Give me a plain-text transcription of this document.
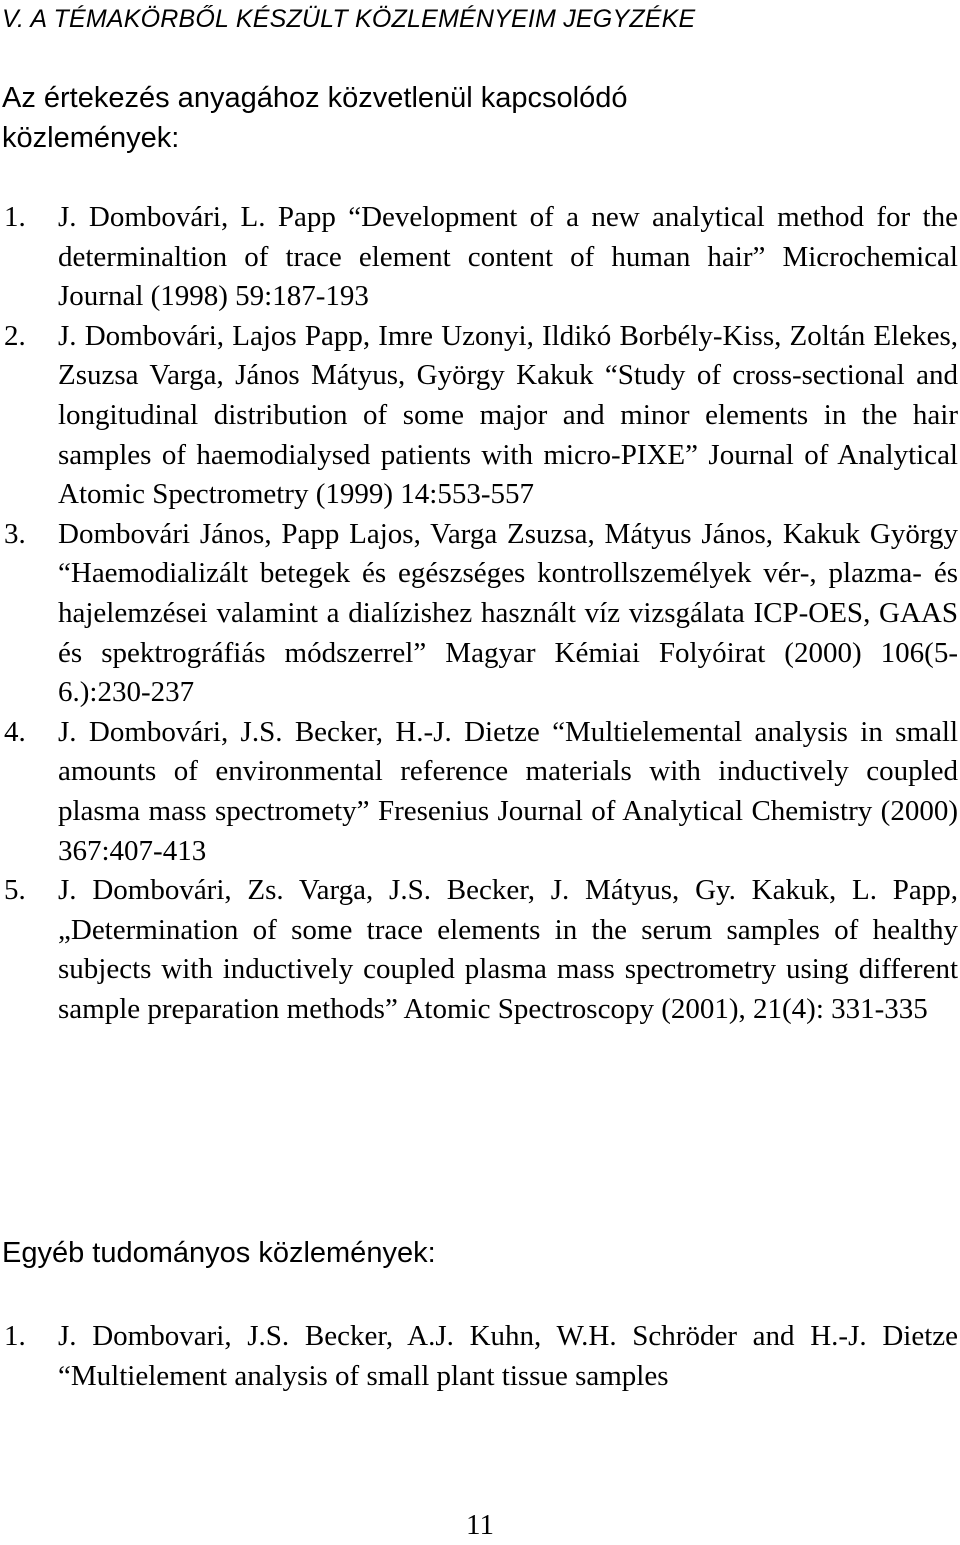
V. A TÉMAKÖRBŐL KÉSZÜLT KÖZLEMÉNYEIM JEGYZÉKE
Az értekezés anyagához közvetlenül kapcsolódó közlemények:
1. J. Dombovári, L. Papp “Development of a new analytical method for the determinaltion of trace element content of human hair” Microchemical Journal (1998) 59:187-193
2. J. Dombovári, Lajos Papp, Imre Uzonyi, Ildikó Borbély-Kiss, Zoltán Elekes, Zsuzsa Varga, János Mátyus, György Kakuk “Study of cross-sectional and longitudinal distribution of some major and minor elements in the hair samples of haemodialysed patients with micro-PIXE” Journal of Analytical Atomic Spectrometry (1999) 14:553-557
3. Dombovári János, Papp Lajos, Varga Zsuzsa, Mátyus János, Kakuk György “Haemodializált betegek és egészséges kontrollszemélyek vér-, plazma- és hajelemzései valamint a dialízishez használt víz vizsgálata ICP-OES, GAAS és spektrográfiás módszerrel” Magyar Kémiai Folyóirat (2000) 106(5-6.):230-237
4. J. Dombovári, J.S. Becker, H.-J. Dietze “Multielemental analysis in small amounts of environmental reference materials with inductively coupled plasma mass spectromety” Fresenius Journal of Analytical Chemistry (2000) 367:407-413
5. J. Dombovári, Zs. Varga, J.S. Becker, J. Mátyus, Gy. Kakuk, L. Papp, „Determination of some trace elements in the serum samples of healthy subjects with inductively coupled plasma mass spectrometry using different sample preparation methods” Atomic Spectroscopy (2001), 21(4): 331-335
Egyéb tudományos közlemények:
1. J. Dombovari, J.S. Becker, A.J. Kuhn, W.H. Schröder and H.-J. Dietze “Multielement analysis of small plant tissue samples
11
